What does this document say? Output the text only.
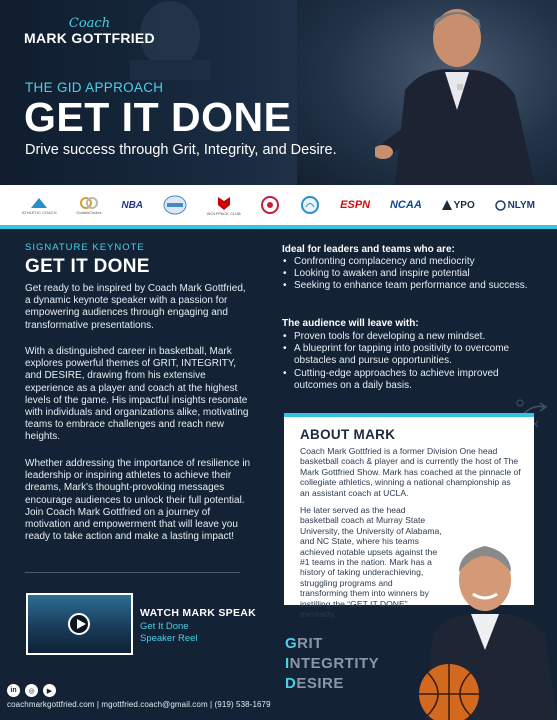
Coach
MARK GOTTFRIED
THE GID APPROACH
GET IT DONE
Drive success through Grit, Integrity, and Desire.
ATHLETIC COACH	GoldenCircles
NBA
WOLFPACK CLUB
ESPN NCAA	YPO	NLYM
SIGNATURE KEYNOTE
GET IT DONE

Get ready to be inspired by Coach Mark Gottfried, a dynamic keynote speaker with a passion for empowering audiences through engaging and transformative presentations.

With a distinguished career in basketball, Mark explores powerful themes of GRIT, INTEGRITY, and DESIRE, drawing from his extensive experience as a player and coach at the highest levels of the game. His impactful insights resonate with individuals and organizations alike, motivating teams to embrace challenges and reach new heights.

Whether addressing the importance of resilience in leadership or inspiring athletes to achieve their dreams, Mark's thought-provoking messages encourage audiences to unlock their full potential. Join Coach Mark Gottfried on a journey of motivation and empowerment that will leave you ready to take action and make a lasting impact!

WATCH MARK SPEAK
Get It Done
Speaker Reel
in	◎	▶
coachmarkgottfried.com | mgottfried.coach@gmail.com | (919) 538-1679
Ideal for leaders and teams who are:
• Confronting complacency and mediocrity
• Looking to awaken and inspire potential
• Seeking to enhance team performance and success.
The audience will leave with:
• Proven tools for developing a new mindset.
• A blueprint for tapping into positivity to overcome obstacles and pursue opportunities.
• Cutting-edge approaches to achieve improved outcomes on a daily basis.
ABOUT MARK

Coach Mark Gottfried is a former Division One head basketball coach & player and is currently the host of The Mark Gottfried Show. Mark has coached at the pinnacle of collegiate athletics, winning a national championship as an assistant coach at UCLA.

He later served as the head basketball coach at Murray State University, the University of Alabama, and NC State, where his teams achieved notable upsets against the #1 teams in the nation. Mark has a history of taking underachieving, struggling programs and transforming them into winners by instilling the “GET IT DONE” mentality.

GRIT
INTEGRTITY
DESIRE
